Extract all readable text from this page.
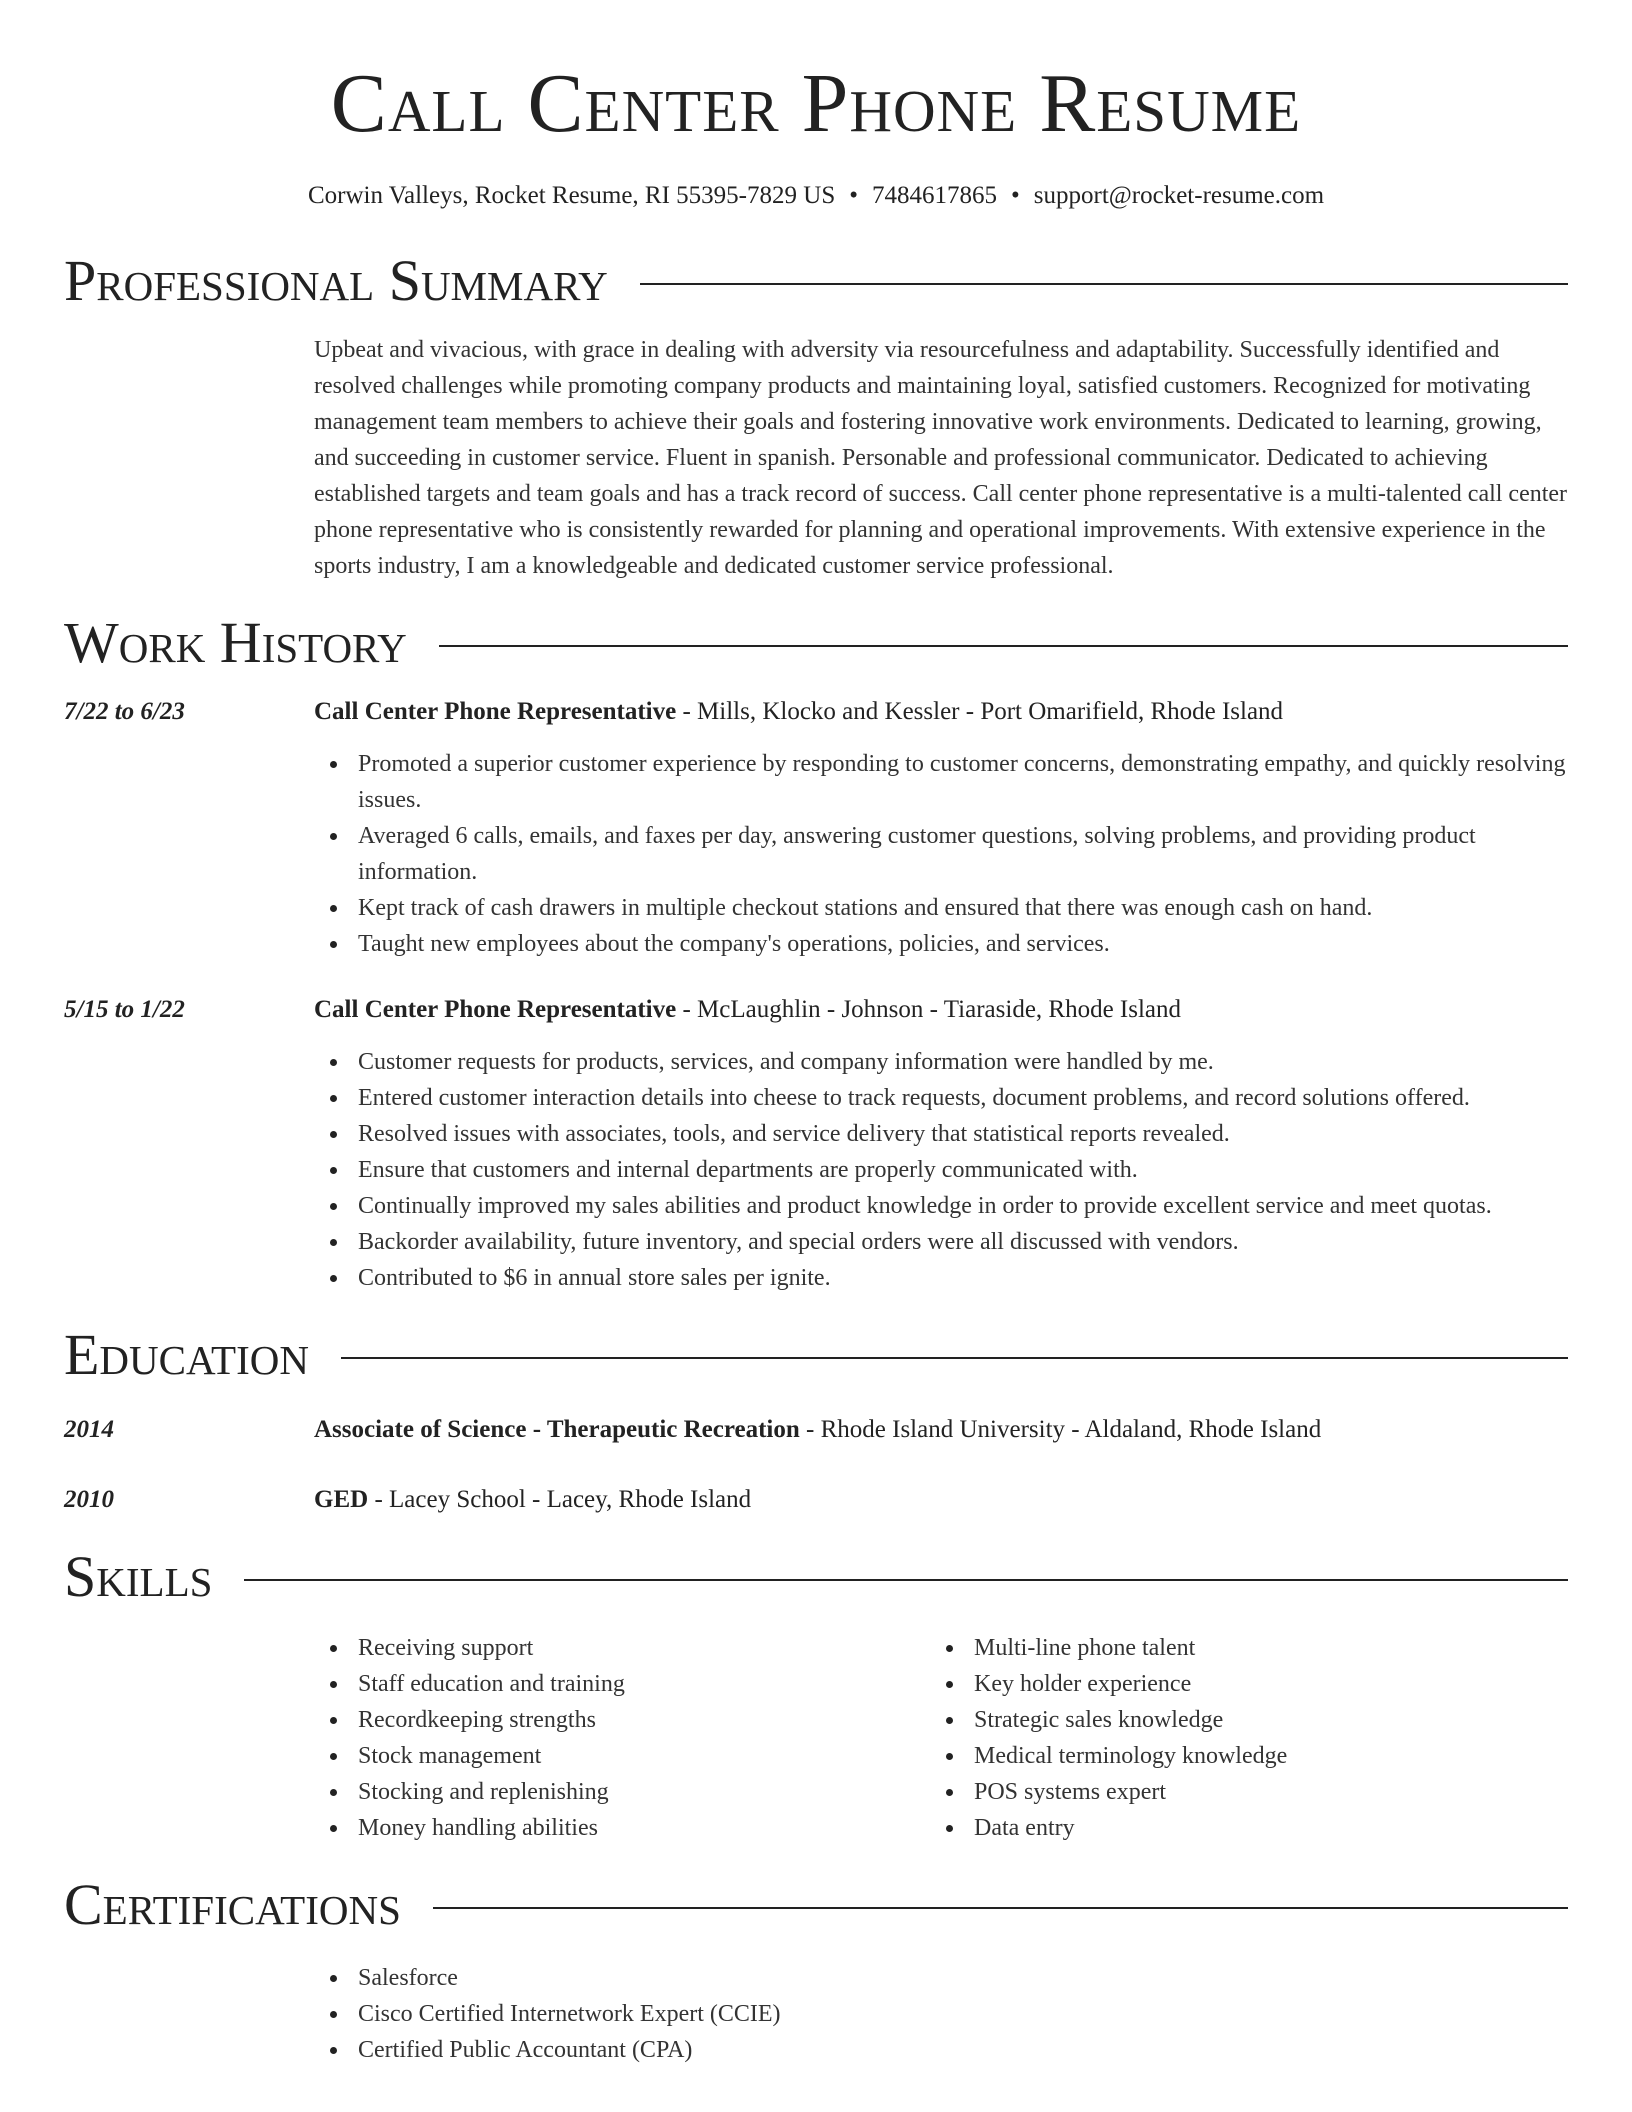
Call Center Phone Resume
Corwin Valleys, Rocket Resume, RI 55395-7829 US • 7484617865 • support@rocket-resume.com
Professional Summary

Upbeat and vivacious, with grace in dealing with adversity via resourcefulness and adaptability. Successfully identified and resolved challenges while promoting company products and maintaining loyal, satisfied customers. Recognized for motivating management team members to achieve their goals and fostering innovative work environments. Dedicated to learning, growing, and succeeding in customer service. Fluent in spanish. Personable and professional communicator. Dedicated to achieving established targets and team goals and has a track record of success. Call center phone representative is a multi-talented call center phone representative who is consistently rewarded for planning and operational improvements. With extensive experience in the sports industry, I am a knowledgeable and dedicated customer service professional.

Work History
7/22 to 6/23	Call Center Phone Representative - Mills, Klocko and Kessler - Port Omarifield, Rhode Island
Promoted a superior customer experience by responding to customer concerns, demonstrating empathy, and quickly resolving issues.
Averaged 6 calls, emails, and faxes per day, answering customer questions, solving problems, and providing product information.
Kept track of cash drawers in multiple checkout stations and ensured that there was enough cash on hand.
Taught new employees about the company's operations, policies, and services.
5/15 to 1/22	Call Center Phone Representative - McLaughlin - Johnson - Tiaraside, Rhode Island
Customer requests for products, services, and company information were handled by me.
Entered customer interaction details into cheese to track requests, document problems, and record solutions offered.
Resolved issues with associates, tools, and service delivery that statistical reports revealed.
Ensure that customers and internal departments are properly communicated with.
Continually improved my sales abilities and product knowledge in order to provide excellent service and meet quotas.
Backorder availability, future inventory, and special orders were all discussed with vendors.
Contributed to $6 in annual store sales per ignite.
Education
2014	Associate of Science - Therapeutic Recreation - Rhode Island University - Aldaland, Rhode Island
2010	GED - Lacey School - Lacey, Rhode Island
Skills
Receiving support
Staff education and training
Recordkeeping strengths
Stock management
Stocking and replenishing
Money handling abilities
Multi-line phone talent
Key holder experience
Strategic sales knowledge
Medical terminology knowledge
POS systems expert
Data entry
Certifications
Salesforce
Cisco Certified Internetwork Expert (CCIE)
Certified Public Accountant (CPA)
